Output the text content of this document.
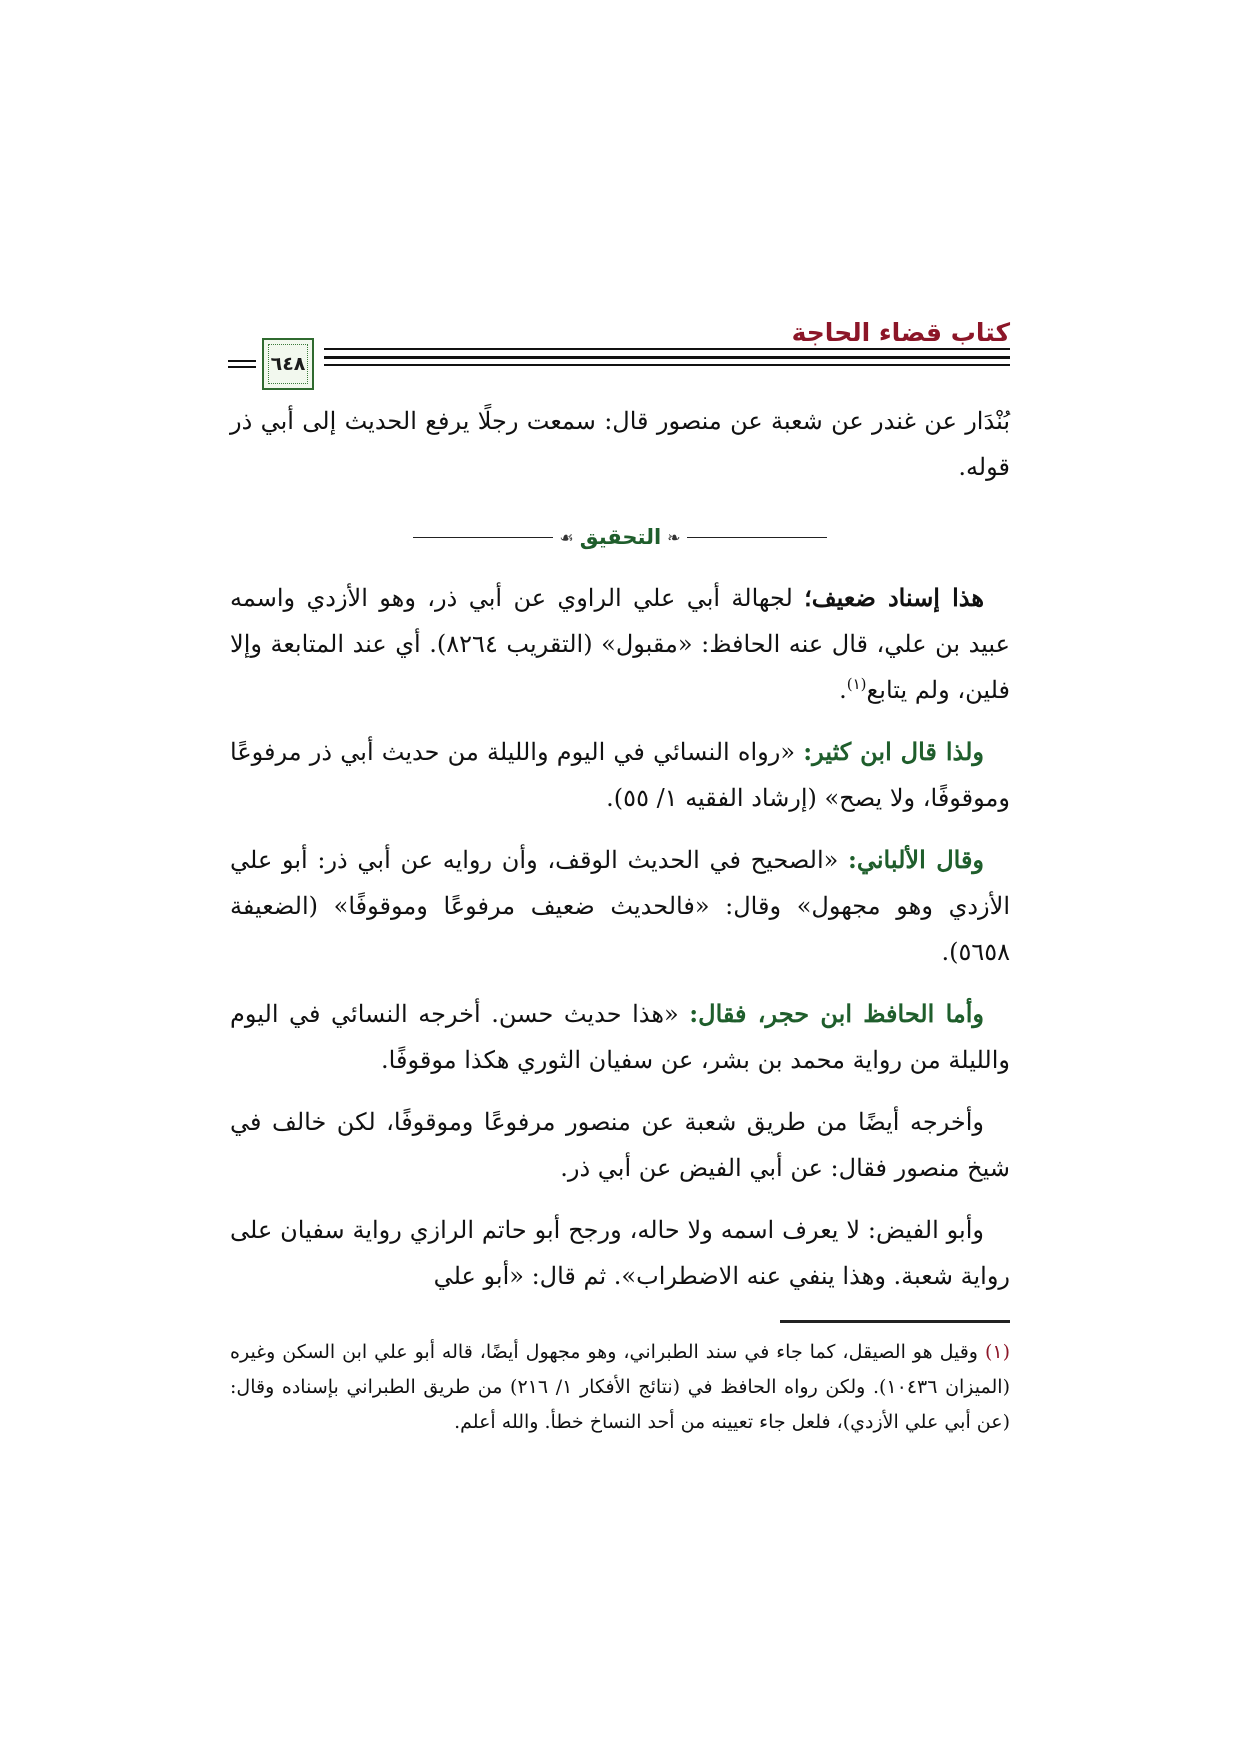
كتاب قضاء الحاجة
٦٤٨

بُنْدَار عن غندر عن شعبة عن منصور قال: سمعت رجلًا يرفع الحديث إلى أبي ذر قوله.

❧
التحقيق
☙

هذا إسناد ضعيف؛ لجهالة أبي علي الراوي عن أبي ذر، وهو الأزدي واسمه عبيد بن علي، قال عنه الحافظ: «مقبول» (التقريب ٨٢٦٤). أي عند المتابعة وإلا فلين، ولم يتابع$^{(١)}$.

ولذا قال ابن كثير: «رواه النسائي في اليوم والليلة من حديث أبي ذر مرفوعًا وموقوفًا، ولا يصح» (إرشاد الفقيه ١/ ٥٥).

وقال الألباني: «الصحيح في الحديث الوقف، وأن روايه عن أبي ذر: أبو علي الأزدي وهو مجهول» وقال: «فالحديث ضعيف مرفوعًا وموقوفًا» (الضعيفة ٥٦٥٨).

وأما الحافظ ابن حجر، فقال: «هذا حديث حسن. أخرجه النسائي في اليوم والليلة من رواية محمد بن بشر، عن سفيان الثوري هكذا موقوفًا.

وأخرجه أيضًا من طريق شعبة عن منصور مرفوعًا وموقوفًا، لكن خالف في شيخ منصور فقال: عن أبي الفيض عن أبي ذر.

وأبو الفيض: لا يعرف اسمه ولا حاله، ورجح أبو حاتم الرازي رواية سفيان على رواية شعبة. وهذا ينفي عنه الاضطراب». ثم قال: «أبو علي

(١) وقيل هو الصيقل، كما جاء في سند الطبراني، وهو مجهول أيضًا، قاله أبو علي ابن السكن وغيره (الميزان ١٠٤٣٦). ولكن رواه الحافظ في (نتائج الأفكار ١/ ٢١٦) من طريق الطبراني بإسناده وقال: (عن أبي علي الأزدي)، فلعل جاء تعيينه من أحد النساخ خطأ. والله أعلم.
